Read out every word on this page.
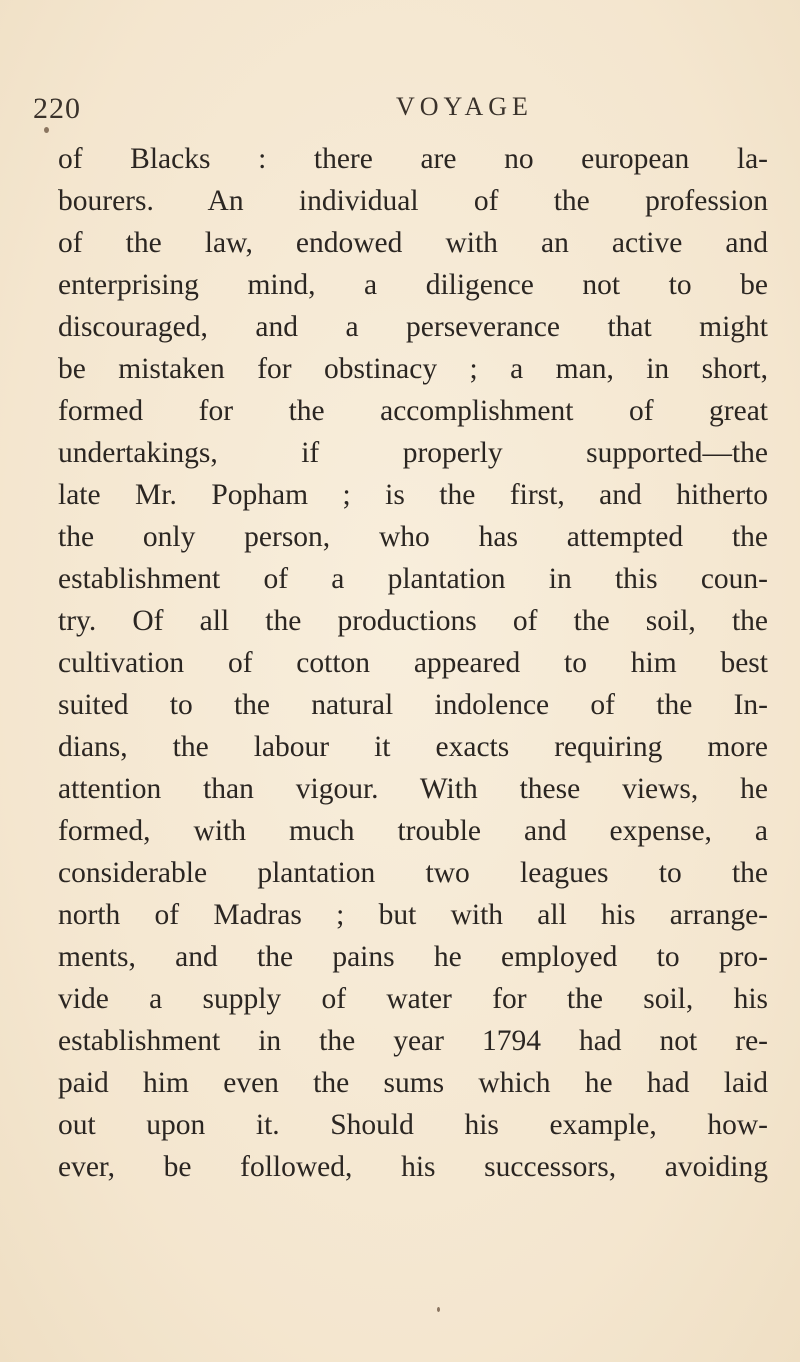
220	VOYAGE
of Blacks : there are no european la-
bourers. An individual of the profession
of the law, endowed with an active and
enterprising mind, a diligence not to be
discouraged, and a perseverance that might
be mistaken for obstinacy ; a man, in short,
formed for the accomplishment of great
undertakings, if properly supported—the
late Mr. Popham ; is the first, and hitherto
the only person, who has attempted the
establishment of a plantation in this coun-
try. Of all the productions of the soil, the
cultivation of cotton appeared to him best
suited to the natural indolence of the In-
dians, the labour it exacts requiring more
attention than vigour. With these views, he
formed, with much trouble and expense, a
considerable plantation two leagues to the
north of Madras ; but with all his arrange-
ments, and the pains he employed to pro-
vide a supply of water for the soil, his
establishment in the year 1794 had not re-
paid him even the sums which he had laid
out upon it. Should his example, how-
ever, be followed, his successors, avoiding
